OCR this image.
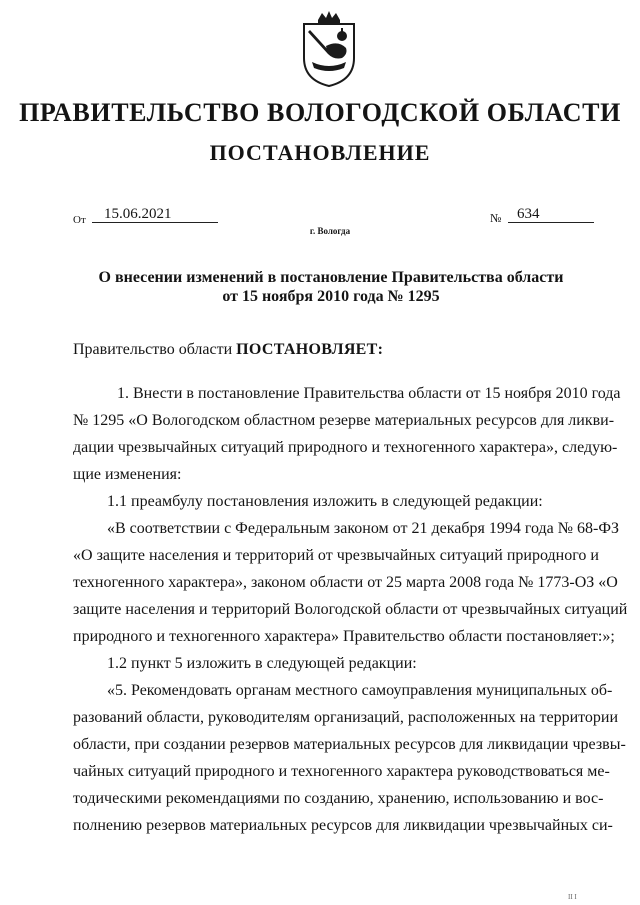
ПРАВИТЕЛЬСТВО ВОЛОГОДСКОЙ ОБЛАСТИ
ПОСТАНОВЛЕНИЕ
От	15.06.2021	№	634
г. Вологда
О внесении изменений в постановление Правительства области
от 15 ноября 2010 года № 1295
Правительство области ПОСТАНОВЛЯЕТ:
1. Внести в постановление Правительства области от 15 ноября 2010 года
№ 1295 «О Вологодском областном резерве материальных ресурсов для ликви-
дации чрезвычайных ситуаций природного и техногенного характера», следую-
щие изменения:
1.1 преамбулу постановления изложить в следующей редакции:
«В соответствии с Федеральным законом от 21 декабря 1994 года № 68-ФЗ
«О защите населения и территорий от чрезвычайных ситуаций природного и
техногенного характера», законом области от 25 марта 2008 года № 1773-ОЗ «О
защите населения и территорий Вологодской области от чрезвычайных ситуаций
природного и техногенного характера» Правительство области постановляет:»;
1.2 пункт 5 изложить в следующей редакции:
«5. Рекомендовать органам местного самоуправления муниципальных об-
разований области, руководителям организаций, расположенных на территории
области, при создании резервов материальных ресурсов для ликвидации чрезвы-
чайных ситуаций природного и техногенного характера руководствоваться ме-
тодическими рекомендациями по созданию, хранению, использованию и вос-
полнению резервов материальных ресурсов для ликвидации чрезвычайных си-
II I
